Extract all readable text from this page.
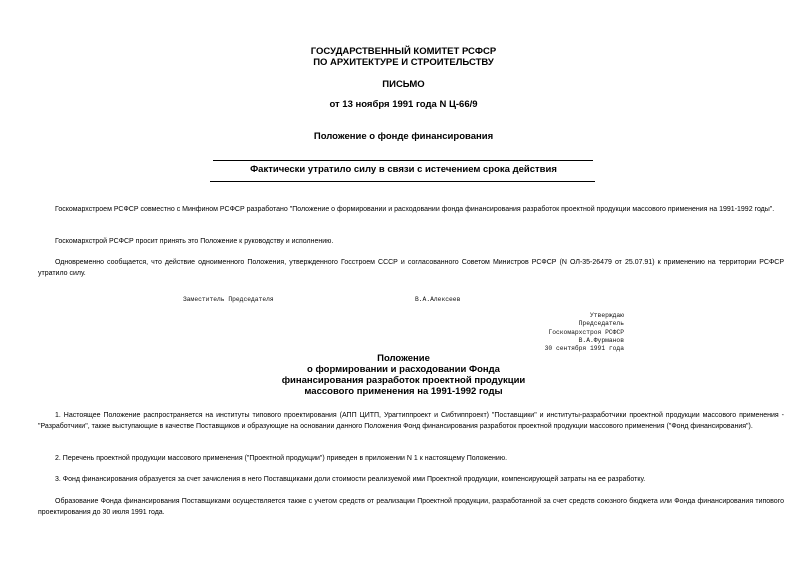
ГОСУДАРСТВЕННЫЙ КОМИТЕТ РСФСР
ПО АРХИТЕКТУРЕ И СТРОИТЕЛЬСТВУ
ПИСЬМО
от 13 ноября 1991 года N Ц-66/9
Положение о фонде финансирования
Фактически утратило силу в связи с истечением срока действия

Госкомархстроем РСФСР совместно с Минфином РСФСР разработано "Положение о формировании и расходовании фонда финансирования разработок проектной продукции массового применения на 1991-1992 годы".

Госкомархстрой РСФСР просит принять это Положение к руководству и исполнению.

Одновременно сообщается, что действие одноименного Положения, утвержденного Госстроем СССР и согласованного Советом Министров РСФСР (N ОЛ-35-26479 от 25.07.91) к применению на территории РСФСР утратило силу.

Заместитель Председателя	В.А.Алексеев
Утверждаю
Председатель
Госкомархстроя РСФСР
В.А.Фурманов
30 сентября 1991 года
Положение
о формировании и расходовании Фонда
финансирования разработок проектной продукции
массового применения на 1991-1992 годы

1. Настоящее Положение распространяется на институты типового проектирования (АПП ЦИТП, Урагтиппроект и Сибтиппроект) "Поставщики" и институты-разработчики проектной продукции массового применения - "Разработчики", также выступающие в качестве Поставщиков и образующие на основании данного Положения Фонд финансирования разработок проектной продукции массового применения ("Фонд финансирования").

2. Перечень проектной продукции массового применения ("Проектной продукции") приведен в приложении N 1 к настоящему Положению.

3. Фонд финансирования образуется за счет зачисления в него Поставщиками доли стоимости реализуемой ими Проектной продукции, компенсирующей затраты на ее разработку.

Образование Фонда финансирования Поставщиками осуществляется также с учетом средств от реализации Проектной продукции, разработанной за счет средств союзного бюджета или Фонда финансирования типового проектирования до 30 июля 1991 года.
